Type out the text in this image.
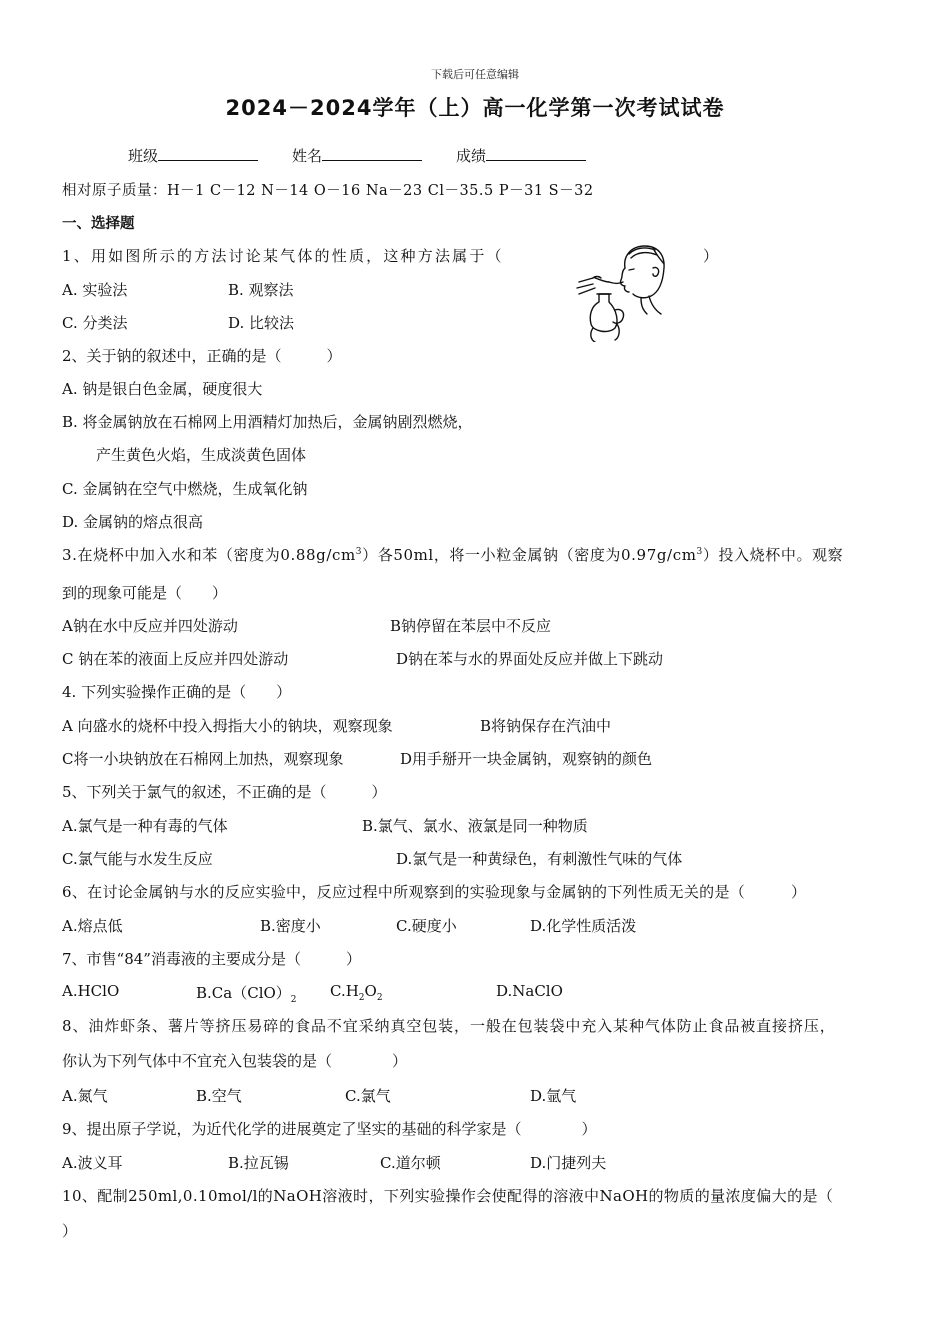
下载后可任意编辑
2024－2024学年（上）高一化学第一次考试试卷
班级	姓名	成绩
相对原子质量：H－1 C－12 N－14 O－16 Na－23 Cl－35.5 P－31 S－32
一、选择题
1、用如图所示的方法讨论某气体的性质，这种方法属于（	）
A. 实验法	B. 观察法
C. 分类法	D. 比较法
2、关于钠的叙述中，正确的是（　　　）
A. 钠是银白色金属，硬度很大
B. 将金属钠放在石棉网上用酒精灯加热后，金属钠剧烈燃烧，
产生黄色火焰，生成淡黄色固体
C. 金属钠在空气中燃烧，生成氧化钠
D. 金属钠的熔点很高
3.在烧杯中加入水和苯（密度为$0.88g/cm^3$）各50ml，将一小粒金属钠（密度为$0.97g/cm^3$）投入烧杯中。观察
到的现象可能是（　　）
A钠在水中反应并四处游动	B钠停留在苯层中不反应
C 钠在苯的液面上反应并四处游动	D钠在苯与水的界面处反应并做上下跳动
4. 下列实验操作正确的是（　　）
A 向盛水的烧杯中投入拇指大小的钠块，观察现象	B将钠保存在汽油中
C将一小块钠放在石棉网上加热，观察现象	D用手掰开一块金属钠，观察钠的颜色
5、下列关于氯气的叙述，不正确的是（　　　）
A.氯气是一种有毒的气体	B.氯气、氯水、液氯是同一种物质
C.氯气能与水发生反应	D.氯气是一种黄绿色，有刺激性气味的气体
6、在讨论金属钠与水的反应实验中，反应过程中所观察到的实验现象与金属钠的下列性质无关的是（　　　）
A.熔点低	B.密度小	C.硬度小	D.化学性质活泼
7、市售“84”消毒液的主要成分是（　　　）
A.HClO	$B.Ca(ClO)_2$ $C.H_2O_2$	D.NaClO
8、油炸虾条、薯片等挤压易碎的食品不宜采纳真空包装，一般在包装袋中充入某种气体防止食品被直接挤压，
你认为下列气体中不宜充入包装袋的是（　　　　）
A.氮气	B.空气	C.氯气	D.氩气
9、提出原子学说，为近代化学的进展奠定了坚实的基础的科学家是（　　　　）
A.波义耳	B.拉瓦锡	C.道尔顿	D.门捷列夫
10、配制250ml,0.10mol/l的NaOH溶液时，下列实验操作会使配得的溶液中NaOH的物质的量浓度偏大的是（
）
